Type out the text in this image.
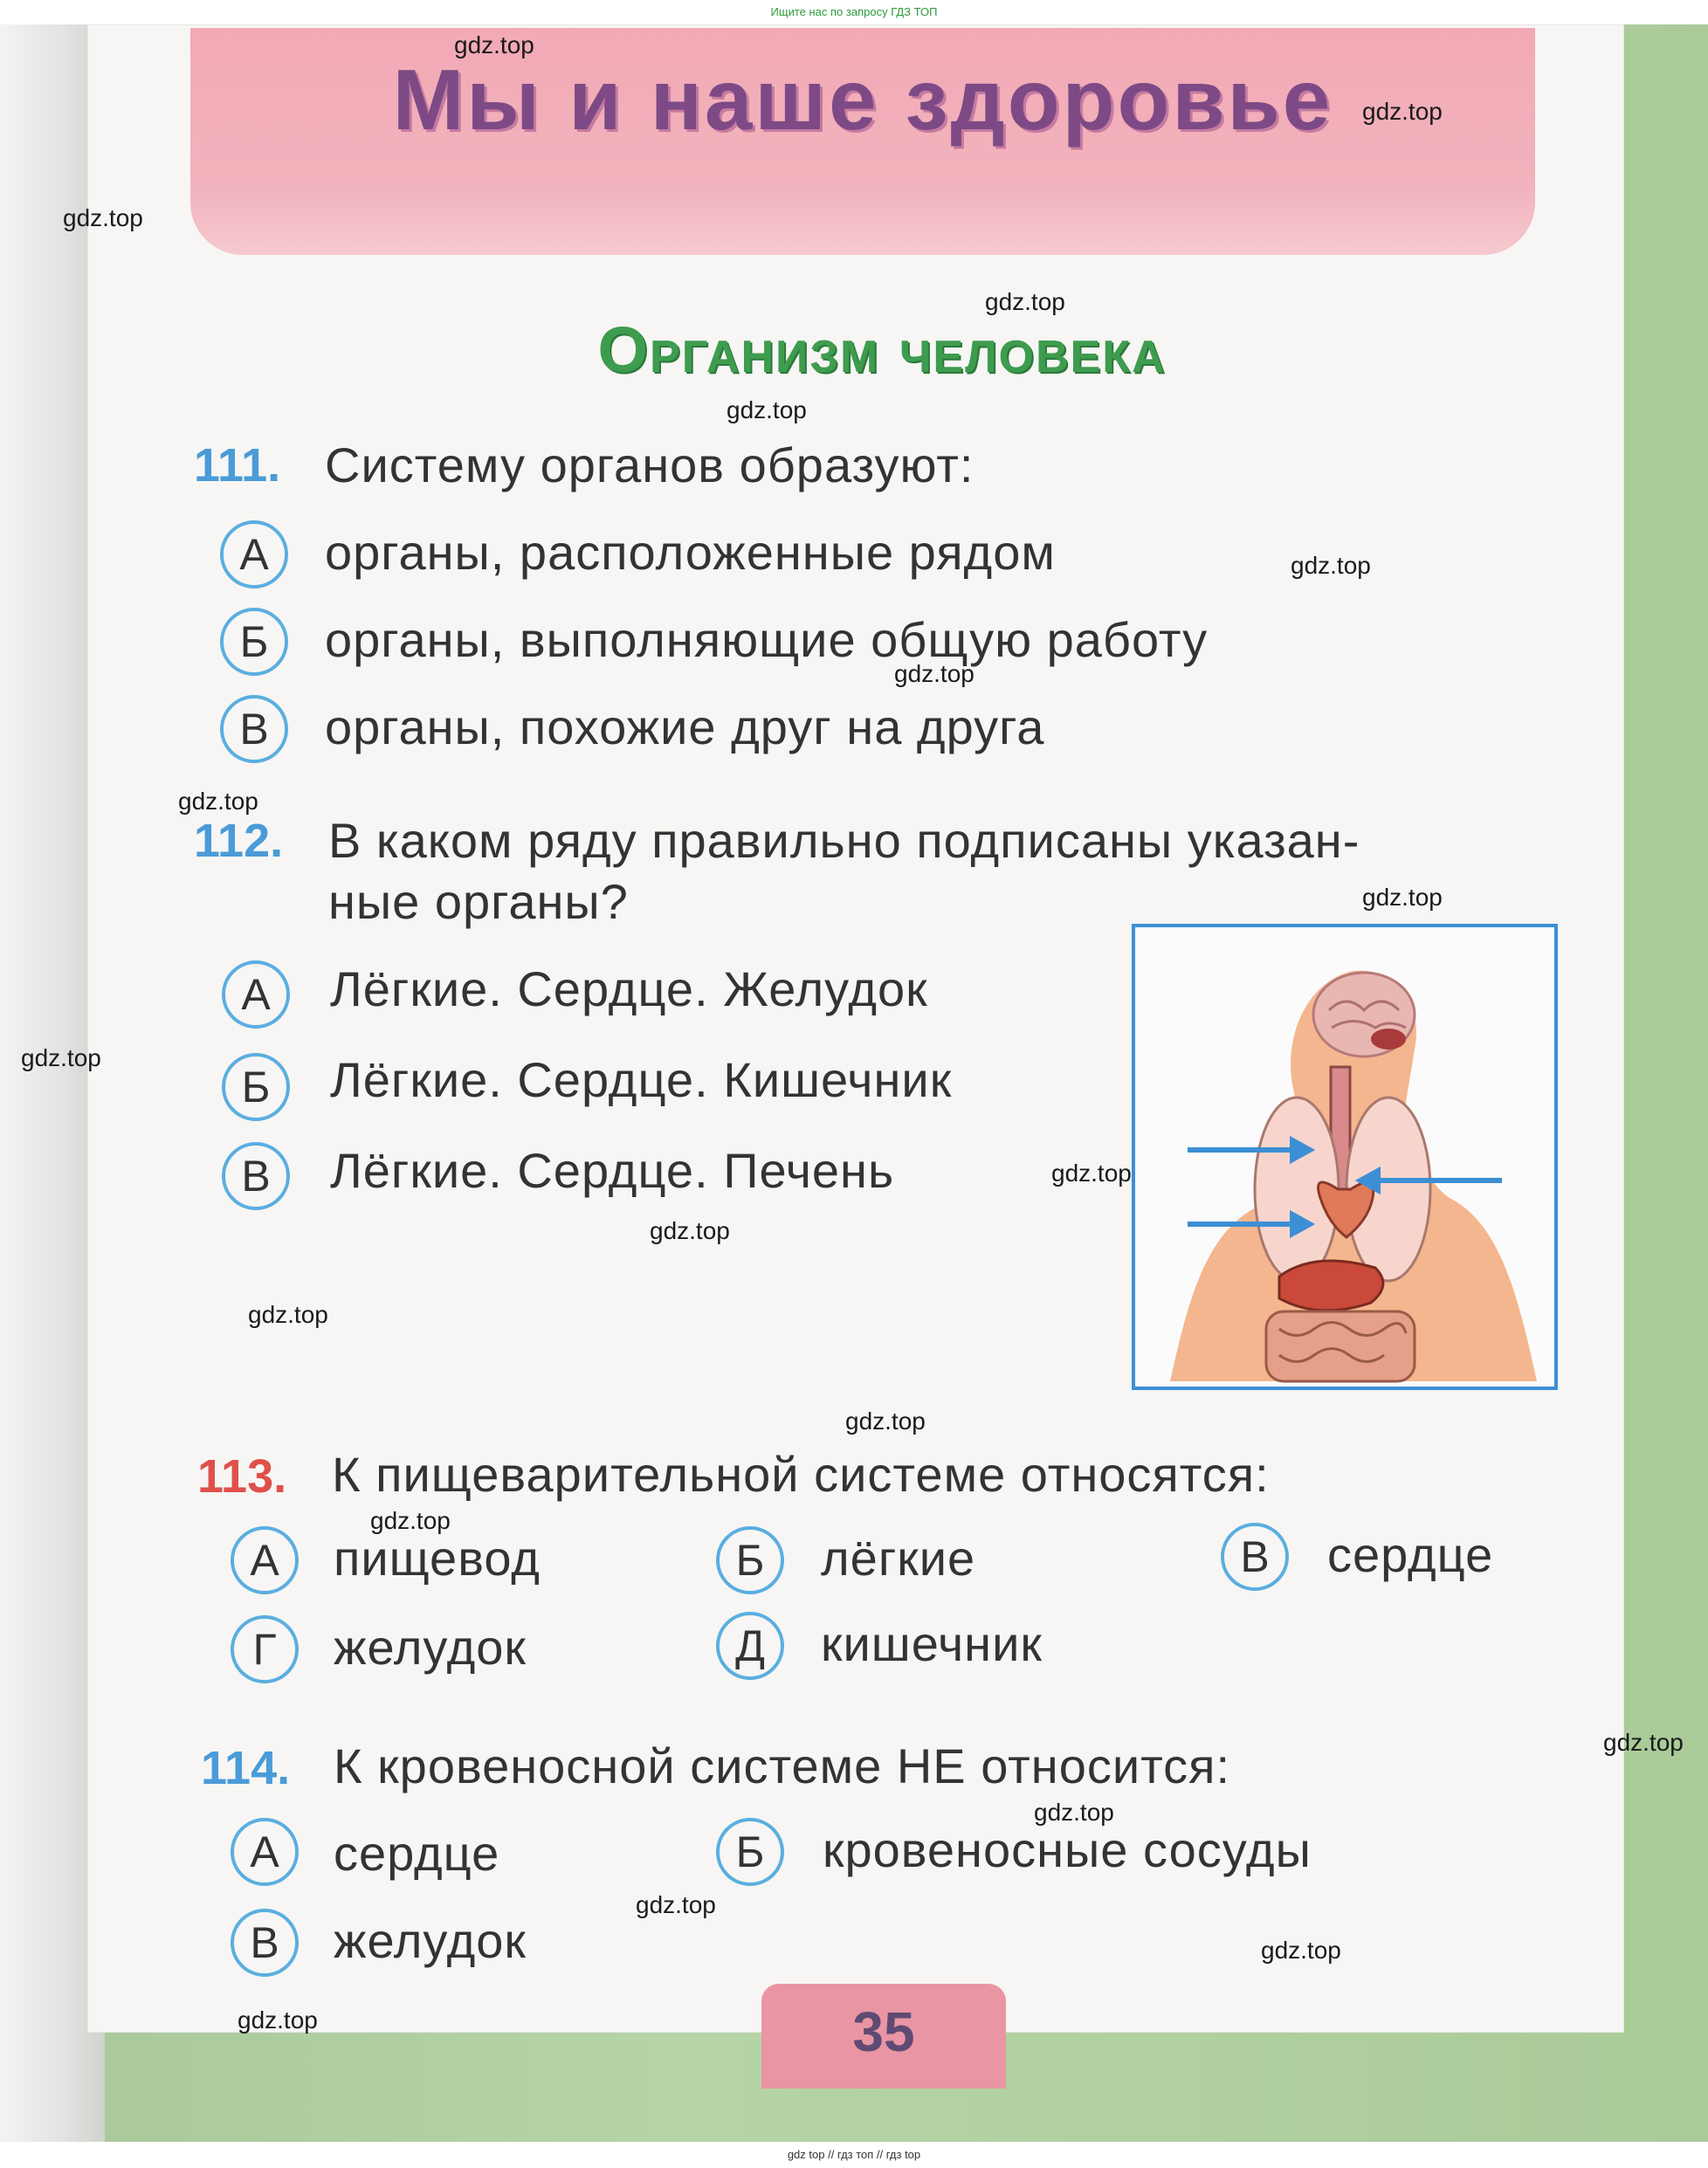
Ищите нас по запросу ГДЗ ТОП
Мы и наше здоровье
Организм человека
111. Систему органов образуют:
А	органы, расположенные рядом
Б	органы, выполняющие общую работу
В	органы, похожие друг на друга
112. В каком ряду правильно подписаны указан-
ные органы?
А	Лёгкие. Сердце. Желудок
Б	Лёгкие. Сердце. Кишечник
В	Лёгкие. Сердце. Печень
113. К пищеварительной системе относятся:
А	пищевод	Б	лёгкие	В	сердце
Г	желудок	Д	кишечник
114. К кровеносной системе НЕ относится:
А	сердце	Б	кровеносные сосуды
В	желудок
35
gdz.top
gdz.top
gdz.top
gdz.top
gdz.top
gdz.top
gdz.top
gdz.top
gdz.top
gdz.top
gdz.top
gdz.top
gdz.top
gdz.top
gdz.top
gdz.top
gdz.top
gdz.top
gdz.top
gdz.top
gdz top // гдз топ // гдз top
